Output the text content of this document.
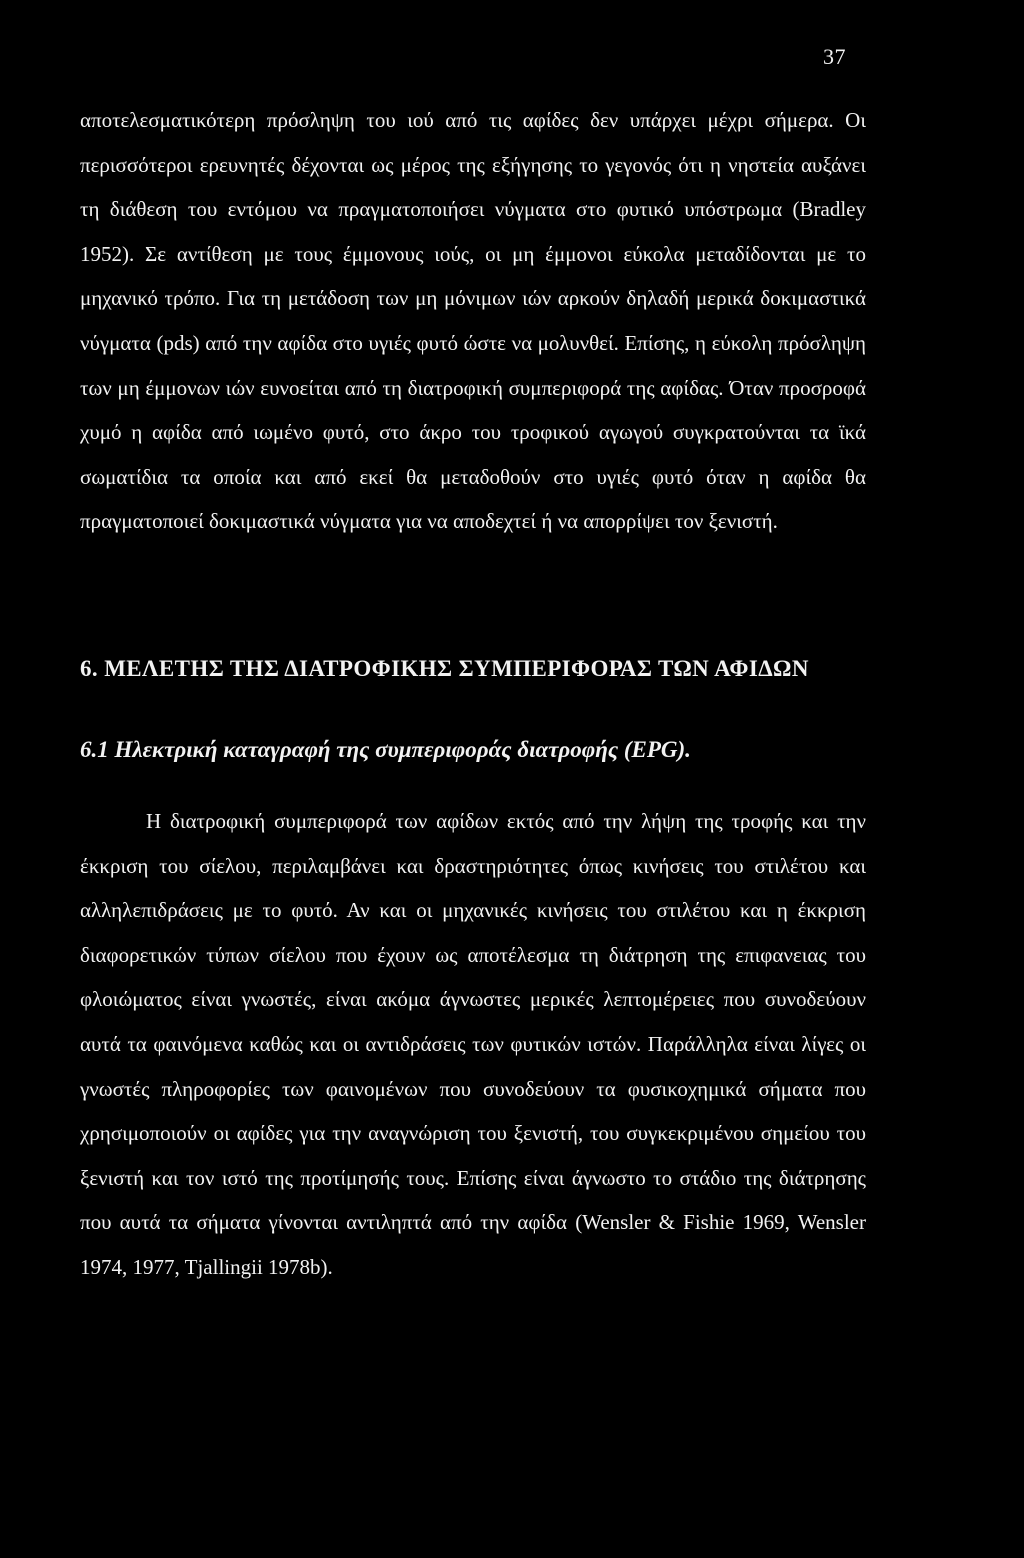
37

αποτελεσματικότερη πρόσληψη του ιού από τις αφίδες δεν υπάρχει μέχρι σήμερα. Οι περισσότεροι ερευνητές δέχονται ως μέρος της εξήγησης το γεγονός ότι η νηστεία αυξάνει τη διάθεση του εντόμου να πραγματοποιήσει νύγματα στο φυτικό υπόστρωμα (Bradley 1952). Σε αντίθεση με τους έμμονους ιούς, οι μη έμμονοι εύκολα μεταδίδονται με το μηχανικό τρόπο. Για τη μετάδοση των μη μόνιμων ιών αρκούν δηλαδή μερικά δοκιμαστικά νύγματα (pds) από την αφίδα στο υγιές φυτό ώστε να μολυνθεί. Επίσης, η εύκολη πρόσληψη των μη έμμονων ιών ευνοείται από τη διατροφική συμπεριφορά της αφίδας. Όταν προσροφά χυμό η αφίδα από ιωμένο φυτό, στο άκρο του τροφικού αγωγού συγκρατούνται τα ϊκά σωματίδια τα οποία και από εκεί θα μεταδοθούν στο υγιές φυτό όταν η αφίδα θα πραγματοποιεί δοκιμαστικά νύγματα για να αποδεχτεί ή να απορρίψει τον ξενιστή.

6. ΜΕΛΕΤΗΣ ΤΗΣ ΔΙΑΤΡΟΦΙΚΗΣ ΣΥΜΠΕΡΙΦΟΡΑΣ ΤΩΝ ΑΦΙΔΩΝ
6.1 Ηλεκτρική καταγραφή της συμπεριφοράς διατροφής (EPG).

Η διατροφική συμπεριφορά των αφίδων εκτός από την λήψη της τροφής και την έκκριση του σίελου, περιλαμβάνει και δραστηριότητες όπως κινήσεις του στιλέτου και αλληλεπιδράσεις με το φυτό. Αν και οι μηχανικές κινήσεις του στιλέτου και η έκκριση διαφορετικών τύπων σίελου που έχουν ως αποτέλεσμα τη διάτρηση της επιφανειας του φλοιώματος είναι γνωστές, είναι ακόμα άγνωστες μερικές λεπτομέρειες που συνοδεύουν αυτά τα φαινόμενα καθώς και οι αντιδράσεις των φυτικών ιστών. Παράλληλα είναι λίγες οι γνωστές πληροφορίες των φαινομένων που συνοδεύουν τα φυσικοχημικά σήματα που χρησιμοποιούν οι αφίδες για την αναγνώριση του ξενιστή, του συγκεκριμένου σημείου του ξενιστή και τον ιστό της προτίμησής τους. Επίσης είναι άγνωστο το στάδιο της διάτρησης που αυτά τα σήματα γίνονται αντιληπτά από την αφίδα (Wensler & Fishie 1969, Wensler 1974, 1977, Tjallingii 1978b).
